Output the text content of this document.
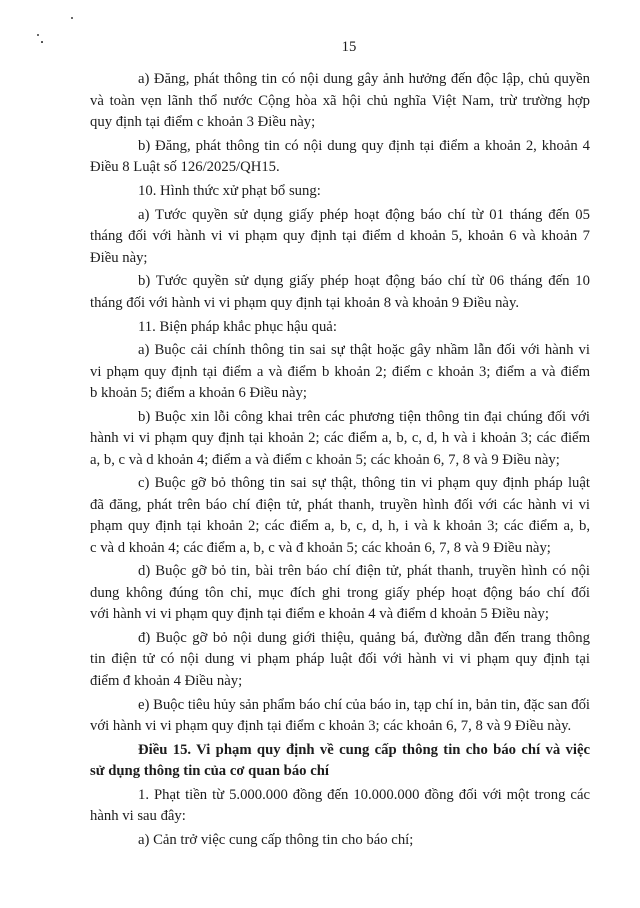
15
a) Đăng, phát thông tin có nội dung gây ảnh hưởng đến độc lập, chủ quyền
và toàn vẹn lãnh thổ nước Cộng hòa xã hội chủ nghĩa Việt Nam, trừ trường hợp
quy định tại điểm c khoản 3 Điều này;
b) Đăng, phát thông tin có nội dung quy định tại điểm a khoản 2, khoản 4
Điều 8 Luật số 126/2025/QH15.
10. Hình thức xử phạt bổ sung:
a) Tước quyền sử dụng giấy phép hoạt động báo chí từ 01 tháng đến 05
tháng đối với hành vi vi phạm quy định tại điểm d khoản 5, khoản 6 và khoản 7
Điều này;
b) Tước quyền sử dụng giấy phép hoạt động báo chí từ 06 tháng đến 10
tháng đối với hành vi vi phạm quy định tại khoản 8 và khoản 9 Điều này.
11. Biện pháp khắc phục hậu quả:
a) Buộc cải chính thông tin sai sự thật hoặc gây nhầm lẫn đối với hành vi
vi phạm quy định tại điểm a và điểm b khoản 2; điểm c khoản 3; điểm a và điểm
b khoản 5; điểm a khoản 6 Điều này;
b) Buộc xin lỗi công khai trên các phương tiện thông tin đại chúng đối với
hành vi vi phạm quy định tại khoản 2; các điểm a, b, c, d, h và i khoản 3; các điểm
a, b, c và d khoản 4; điểm a và điểm c khoản 5; các khoản 6, 7, 8 và 9 Điều này;
c) Buộc gỡ bỏ thông tin sai sự thật, thông tin vi phạm quy định pháp luật
đã đăng, phát trên báo chí điện tử, phát thanh, truyền hình đối với các hành vi vi
phạm quy định tại khoản 2; các điểm a, b, c, d, h, i và k khoản 3; các điểm a, b,
c và d khoản 4; các điểm a, b, c và đ khoản 5; các khoản 6, 7, 8 và 9 Điều này;
d) Buộc gỡ bỏ tin, bài trên báo chí điện tử, phát thanh, truyền hình có nội
dung không đúng tôn chỉ, mục đích ghi trong giấy phép hoạt động báo chí đối
với hành vi vi phạm quy định tại điểm e khoản 4 và điểm d khoản 5 Điều này;
đ) Buộc gỡ bỏ nội dung giới thiệu, quảng bá, đường dẫn đến trang thông
tin điện tử có nội dung vi phạm pháp luật đối với hành vi vi phạm quy định tại
điểm đ khoản 4 Điều này;
e) Buộc tiêu hủy sản phẩm báo chí của báo in, tạp chí in, bản tin, đặc san đối
với hành vi vi phạm quy định tại điểm c khoản 3; các khoản 6, 7, 8 và 9 Điều này.
Điều 15. Vi phạm quy định về cung cấp thông tin cho báo chí và việc
sử dụng thông tin của cơ quan báo chí
1. Phạt tiền từ 5.000.000 đồng đến 10.000.000 đồng đối với một trong các
hành vi sau đây:
a) Cản trở việc cung cấp thông tin cho báo chí;
